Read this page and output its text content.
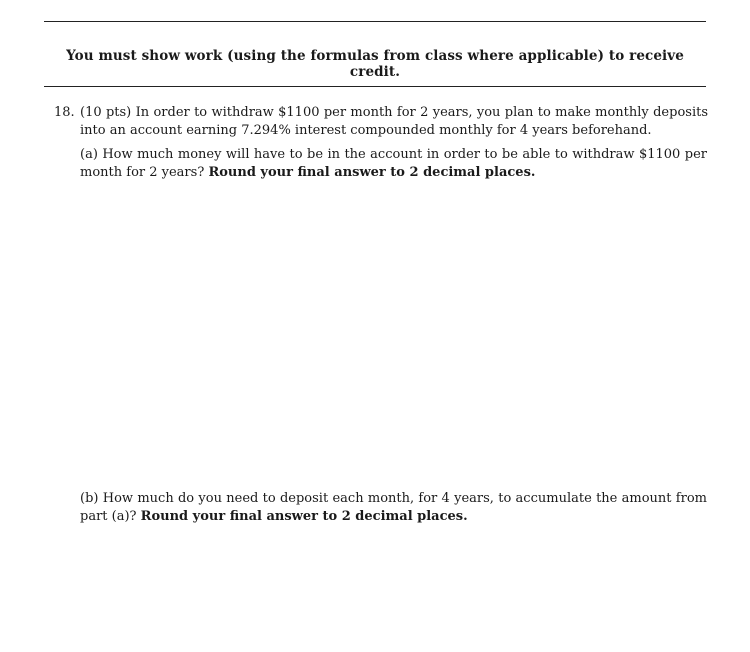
You must show work (using the formulas from class where applicable) to receive credit.
18. (10 pts) In order to withdraw $1100 per month for 2 years, you plan to make monthly deposits into an account earning 7.294% interest compounded monthly for 4 years beforehand.
(a) How much money will have to be in the account in order to be able to withdraw $1100 per month for 2 years? Round your final answer to 2 decimal places.
(b) How much do you need to deposit each month, for 4 years, to accumulate the amount from part (a)? Round your final answer to 2 decimal places.
